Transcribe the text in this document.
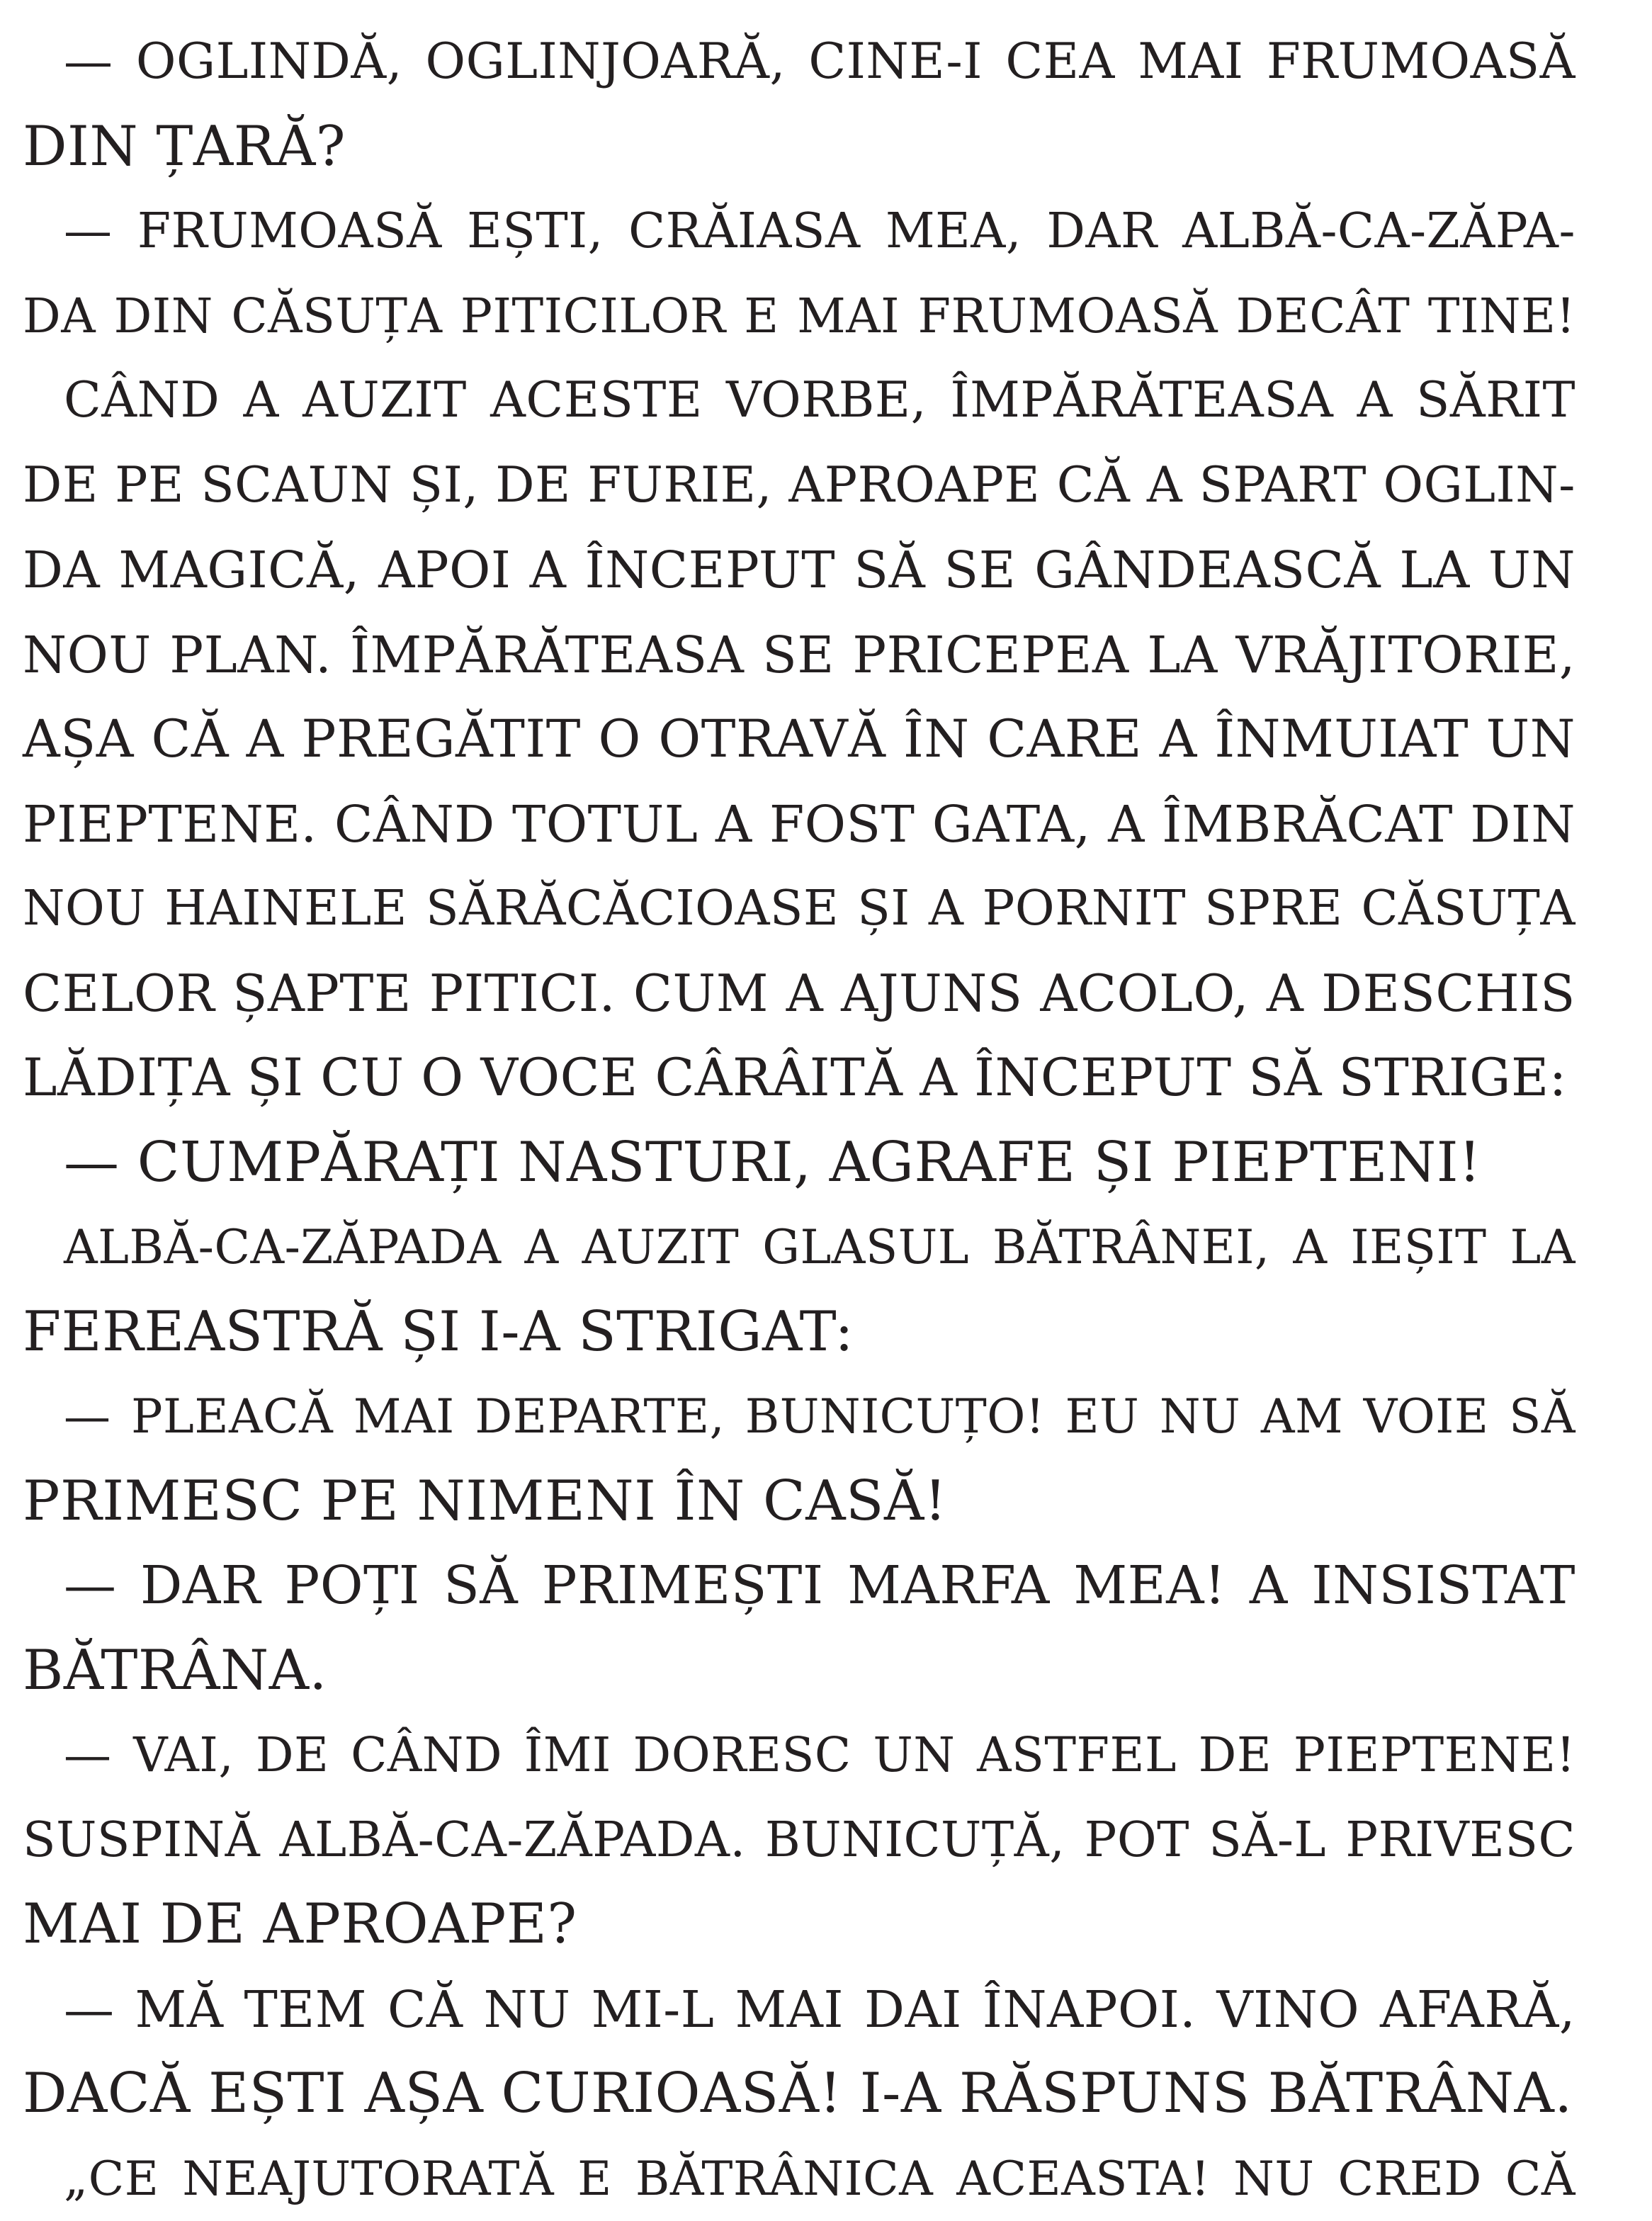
— OGLINDĂ, OGLINJOARĂ, CINE-I CEA MAI FRUMOASĂ
DIN ȚARĂ?

— FRUMOASĂ EȘTI, CRĂIASA MEA, DAR ALBĂ-CA-ZĂPA-
DA DIN CĂSUȚA PITICILOR E MAI FRUMOASĂ DECÂT TINE!

CÂND A AUZIT ACESTE VORBE, ÎMPĂRĂTEASA A SĂRIT
DE PE SCAUN ȘI, DE FURIE, APROAPE CĂ A SPART OGLIN-
DA MAGICĂ, APOI A ÎNCEPUT SĂ SE GÂNDEASCĂ LA UN
NOU PLAN. ÎMPĂRĂTEASA SE PRICEPEA LA VRĂJITORIE,
AȘA CĂ A PREGĂTIT O OTRAVĂ ÎN CARE A ÎNMUIAT UN
PIEPTENE. CÂND TOTUL A FOST GATA, A ÎMBRĂCAT DIN
NOU HAINELE SĂRĂCĂCIOASE ȘI A PORNIT SPRE CĂSUȚA
CELOR ȘAPTE PITICI. CUM A AJUNS ACOLO, A DESCHIS
LĂDIȚA ȘI CU O VOCE CÂRÂITĂ A ÎNCEPUT SĂ STRIGE:

— CUMPĂRAȚI NASTURI, AGRAFE ȘI PIEPTENI!

ALBĂ-CA-ZĂPADA A AUZIT GLASUL BĂTRÂNEI, A IEȘIT LA
FEREASTRĂ ȘI I-A STRIGAT:

— PLEACĂ MAI DEPARTE, BUNICUȚO! EU NU AM VOIE SĂ
PRIMESC PE NIMENI ÎN CASĂ!

— DAR POȚI SĂ PRIMEȘTI MARFA MEA! A INSISTAT
BĂTRÂNA.

— VAI, DE CÂND ÎMI DORESC UN ASTFEL DE PIEPTENE!
SUSPINĂ ALBĂ-CA-ZĂPADA. BUNICUȚĂ, POT SĂ-L PRIVESC
MAI DE APROAPE?

— MĂ TEM CĂ NU MI-L MAI DAI ÎNAPOI. VINO AFARĂ,
DACĂ EȘTI AȘA CURIOASĂ! I-A RĂSPUNS BĂTRÂNA.

„CE NEAJUTORATĂ E BĂTRÂNICA ACEASTA! NU CRED CĂ
